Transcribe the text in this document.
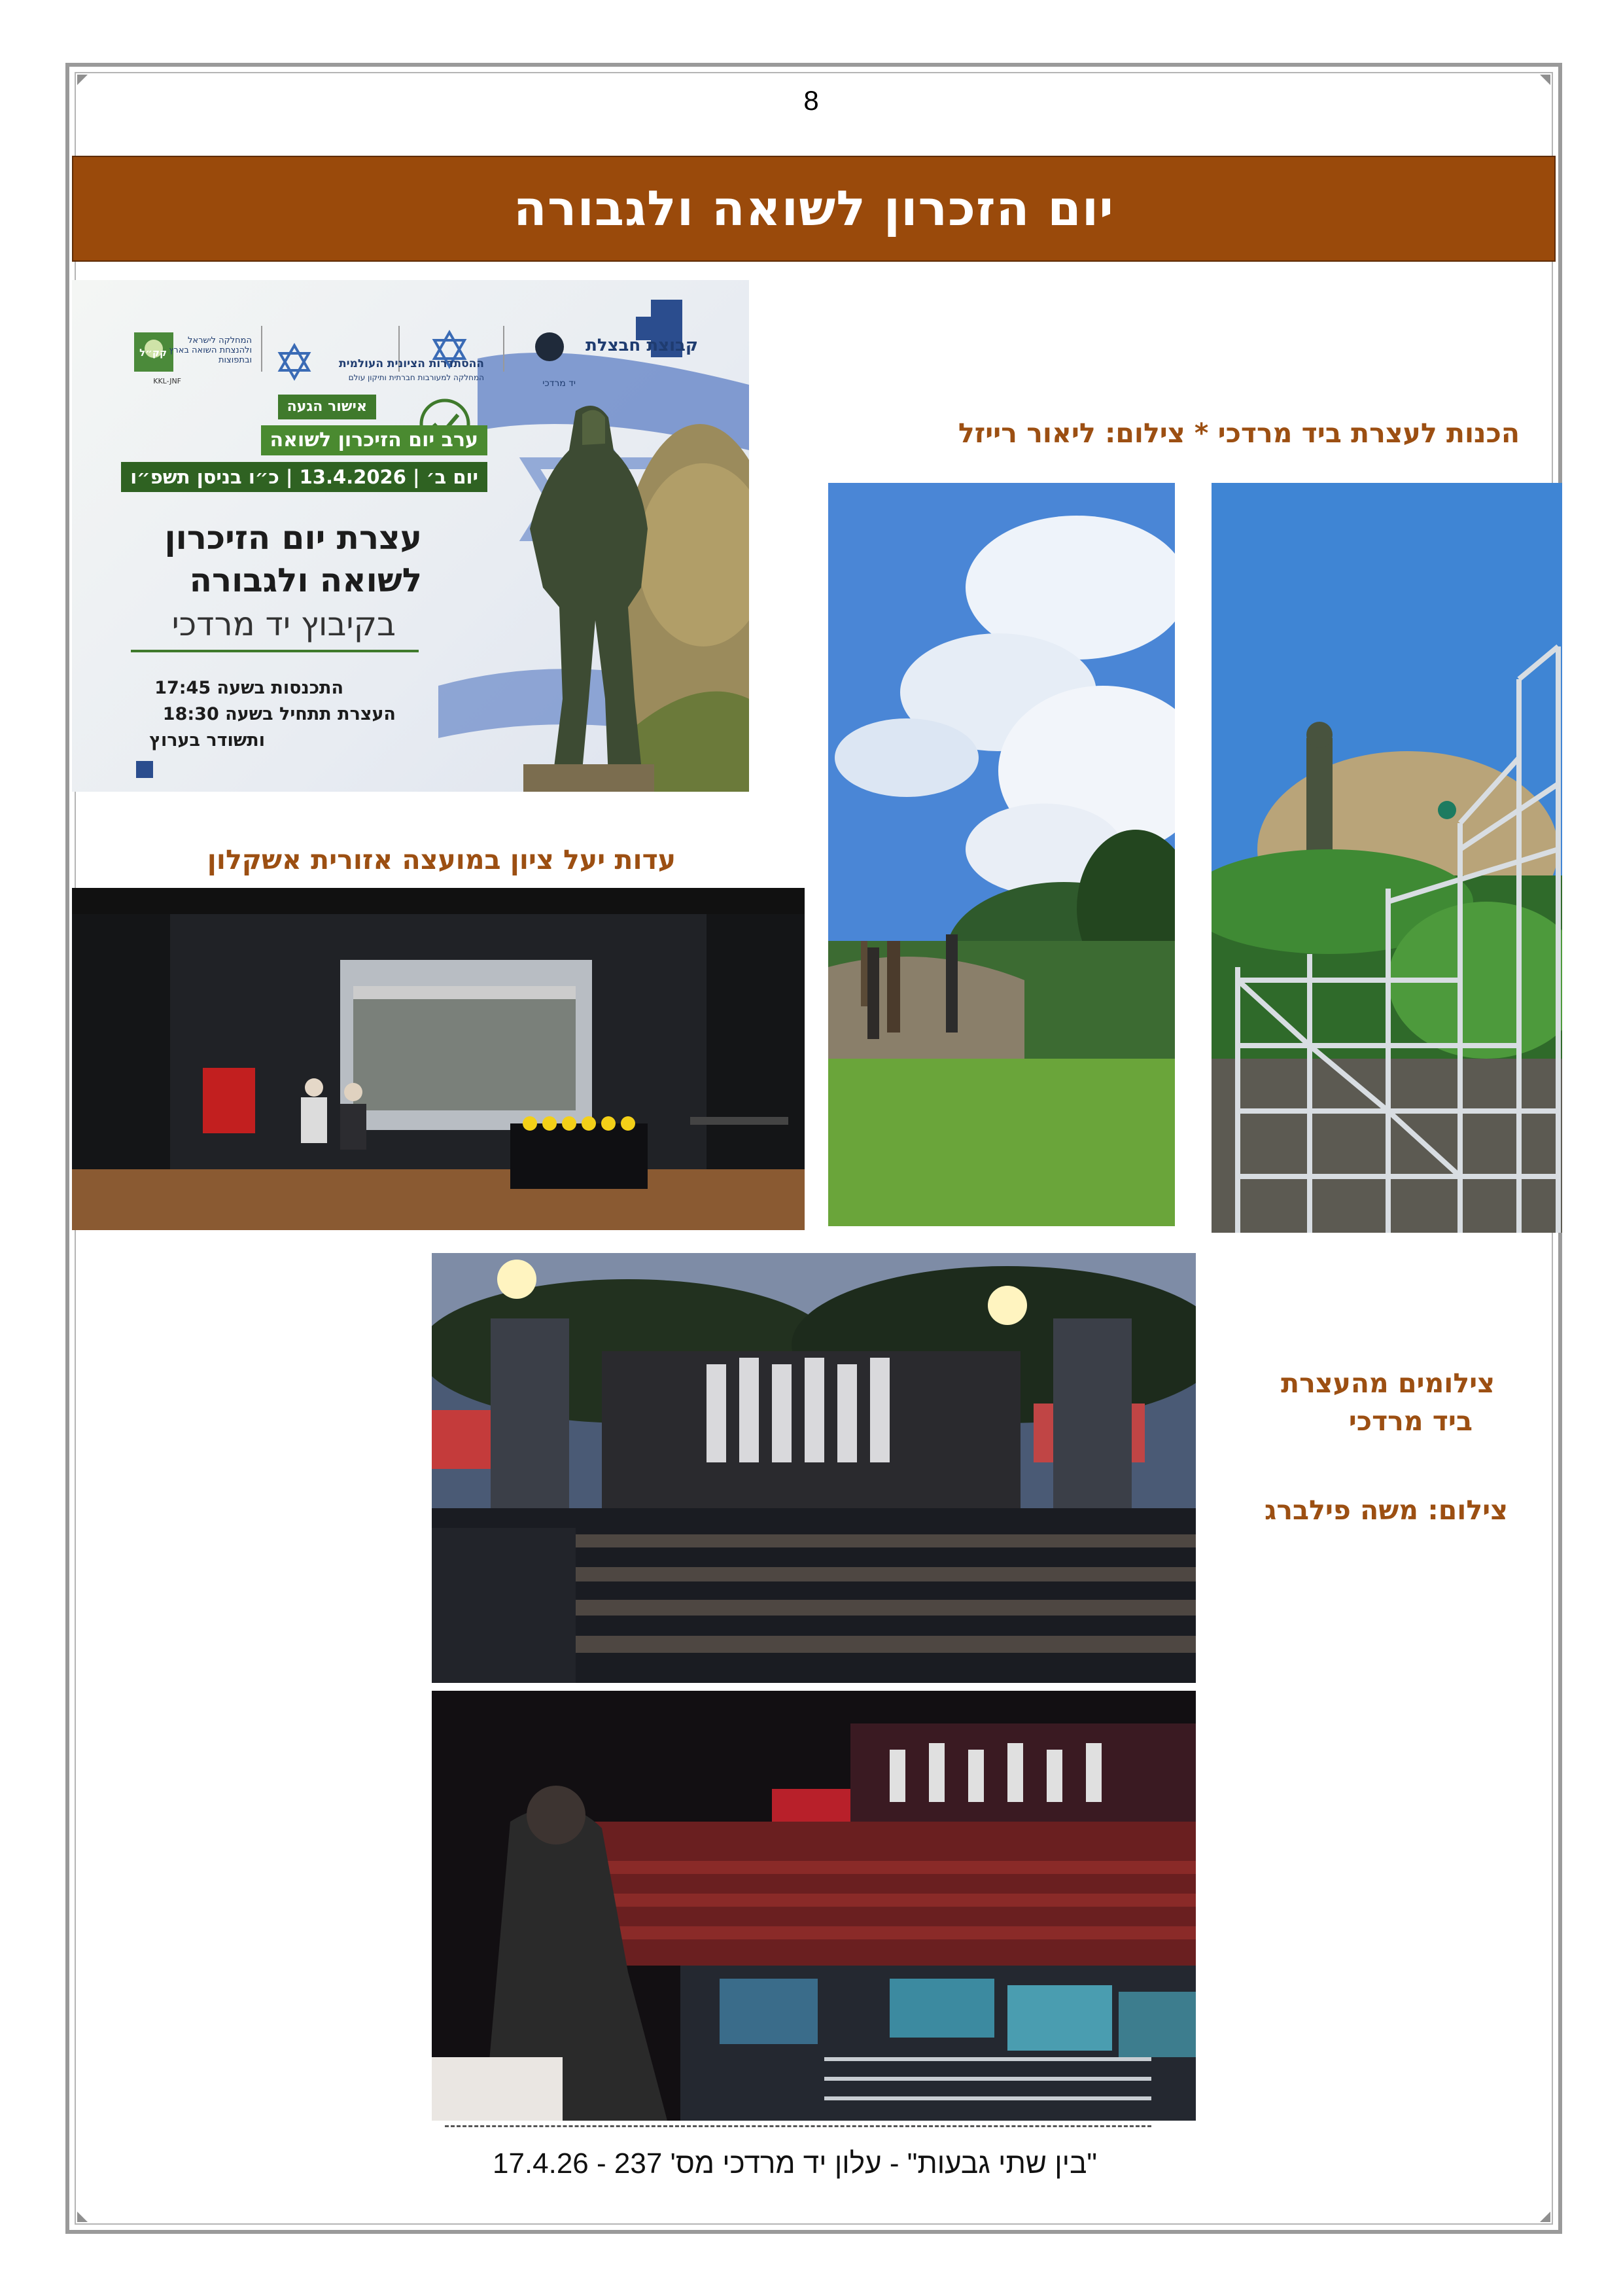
8
יום הזכרון לשואה ולגבורה
קבוצת חבצלת
יד מרדכי
ההסתדרות הציונית העולמית
המחלקה למעורבות חברתית ותיקון עולם
המחלקה לישראל ולהנצחת השואה בארץ ובתפוצות
קק״ל
KKL-JNF
אישור הגעה
ערב יום הזיכרון לשואה
יום ב׳ | 13.4.2026 | כ״ו בניסן תשפ״ו
עצרת יום הזיכרון
לשואה ולגבורה
בקיבוץ יד מרדכי
התכנסות בשעה 17:45
העצרת תתחיל בשעה 18:30
ותשודר בערוץ
הכנות לעצרת ביד מרדכי * צילום: ליאור רייזל
עדות יעל ציון במועצה אזורית אשקלון
צילומים מהעצרת
ביד מרדכי
צילום: משה פילברג
"בין שתי גבעות" - עלון יד מרדכי מס' 237 - 17.4.26
